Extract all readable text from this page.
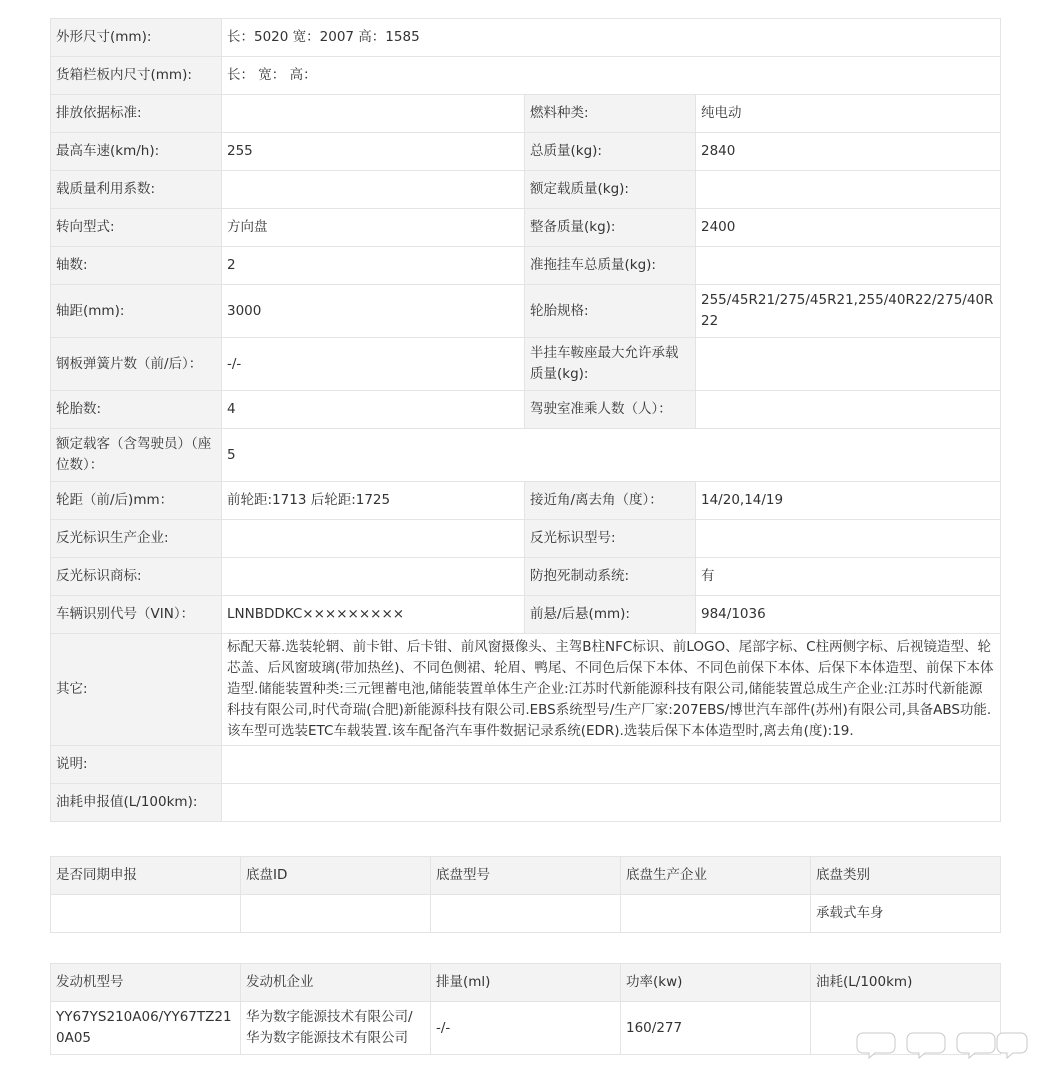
外形尺寸(mm):	长：5020 宽：2007 高：1585		
货箱栏板内尺寸(mm):	长： 宽： 高：		
排放依据标准:		燃料种类:	纯电动
最高车速(km/h):	255	总质量(kg):	2840
载质量利用系数:		额定载质量(kg):	
转向型式:	方向盘	整备质量(kg):	2400
轴数:	2	准拖挂车总质量(kg):	
轴距(mm):	3000	轮胎规格:	255/45R21/275/45R21,255/40R22/275/40R22
钢板弹簧片数（前/后）：	-/-	半挂车鞍座最大允许承载质量(kg):	
轮胎数:	4	驾驶室准乘人数（人）：	
额定载客（含驾驶员）（座位数）：	5		
轮距（前/后)mm：	前轮距:1713 后轮距:1725	接近角/离去角（度）：	14/20,14/19
反光标识生产企业:		反光标识型号:	
反光标识商标:		防抱死制动系统:	有
车辆识别代号（VIN）：	LNNBDDKC×××××××××	前悬/后悬(mm):	984/1036
其它:	标配天幕.选装轮辋、前卡钳、后卡钳、前风窗摄像头、主驾B柱NFC标识、前LOGO、尾部字标、C柱两侧字标、后视镜造型、轮芯盖、后风窗玻璃(带加热丝)、不同色侧裙、轮眉、鸭尾、不同色后保下本体、不同色前保下本体、后保下本体造型、前保下本体造型.储能装置种类:三元锂蓄电池,储能装置单体生产企业:江苏时代新能源科技有限公司,储能装置总成生产企业:江苏时代新能源科技有限公司,时代奇瑞(合肥)新能源科技有限公司.EBS系统型号/生产厂家:207EBS/博世汽车部件(苏州)有限公司,具备ABS功能.该车型可选装ETC车载装置.该车配备汽车事件数据记录系统(EDR).选装后保下本体造型时,离去角(度):19.		
说明:			
油耗申报值(L/100km):			
是否同期申报	底盘ID	底盘型号	底盘生产企业	底盘类别
				承载式车身
发动机型号	发动机企业	排量(ml)	功率(kw)	油耗(L/100km)
YY67YS210A06/YY67TZ210A05	华为数字能源技术有限公司/华为数字能源技术有限公司	-/-	160/277	
